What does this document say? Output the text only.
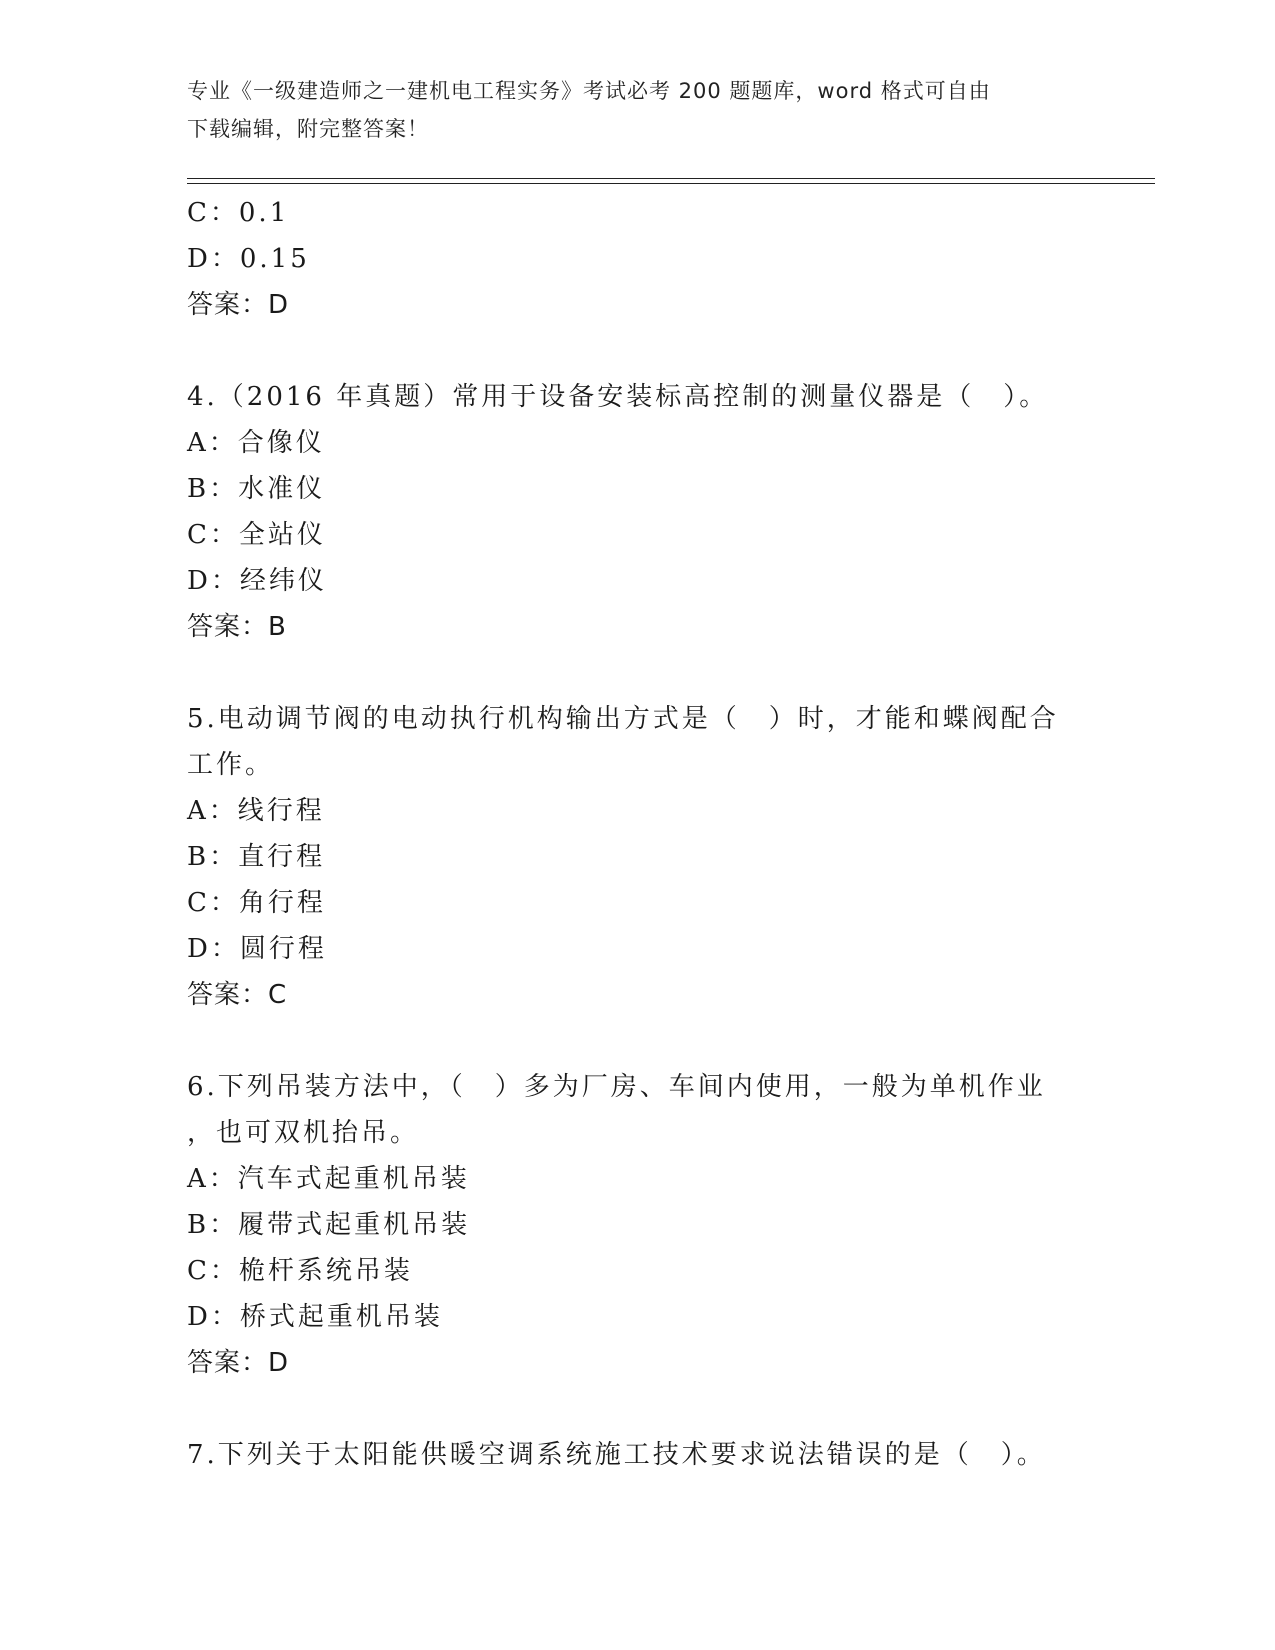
专业《一级建造师之一建机电工程实务》考试必考 200 题题库，word 格式可自由
下载编辑，附完整答案！
C：0.1
D：0.15
答案：D
4.（2016 年真题）常用于设备安装标高控制的测量仪器是（　）。
A：合像仪
B：水准仪
C：全站仪
D：经纬仪
答案：B
5.电动调节阀的电动执行机构输出方式是（　）时，才能和蝶阀配合
工作。
A：线行程
B：直行程
C：角行程
D：圆行程
答案：C
6.下列吊装方法中，（　）多为厂房、车间内使用，一般为单机作业
，也可双机抬吊。
A：汽车式起重机吊装
B：履带式起重机吊装
C：桅杆系统吊装
D：桥式起重机吊装
答案：D
7.下列关于太阳能供暖空调系统施工技术要求说法错误的是（　）。
